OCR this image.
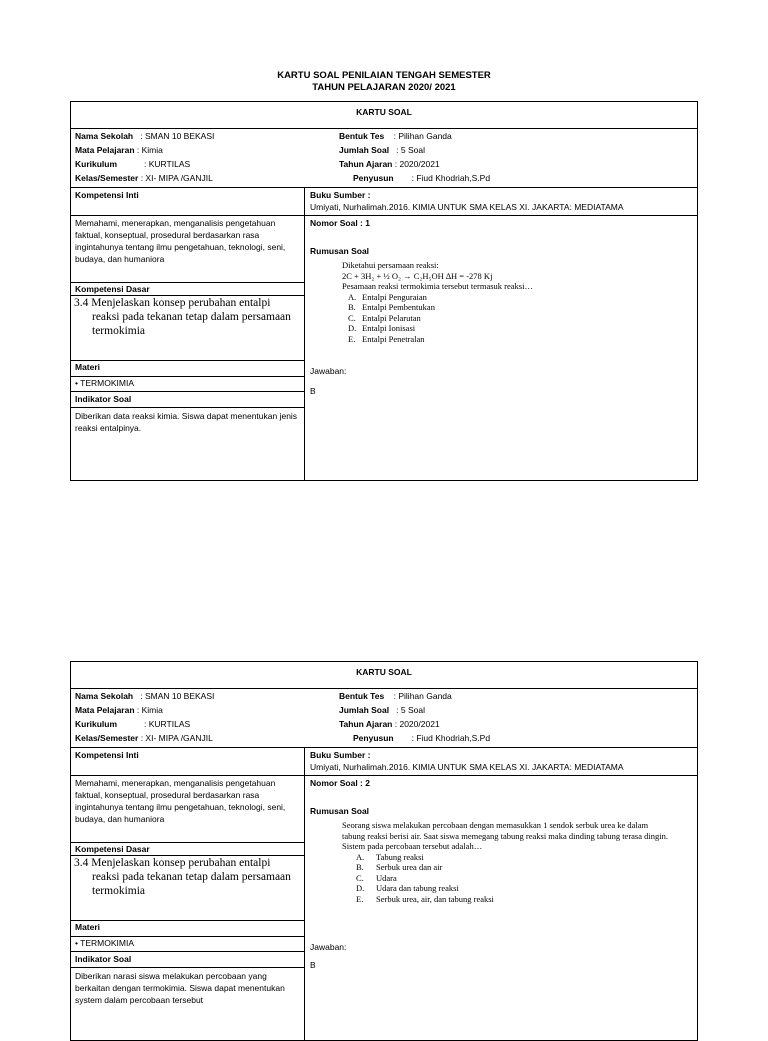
KARTU SOAL PENILAIAN TENGAH SEMESTER
TAHUN PELAJARAN 2020/ 2021
KARTU SOAL
Nama Sekolah : SMAN 10 BEKASI
Mata Pelajaran : Kimia
Kurikulum	: KURTILAS
Kelas/Semester : XI- MIPA /GANJIL
Bentuk Tes : Pilihan Ganda
Jumlah Soal : 5 Soal
Tahun Ajaran : 2020/2021
Penyusun : Fiud Khodriah,S.Pd
Kompetensi Inti
Memahami, menerapkan, menganalisis pengetahuan faktual, konseptual, prosedural berdasarkan rasa ingintahunya tentang ilmu pengetahuan, teknologi, seni, budaya, dan humaniora
Kompetensi Dasar
3.4 Menjelaskan konsep perubahan entalpi
reaksi pada tekanan tetap dalam persamaan
termokimia
Materi
• TERMOKIMIA
Indikator Soal
Diberikan data reaksi kimia. Siswa dapat menentukan jenis reaksi entalpinya.
Buku Sumber :
Umiyati, Nurhalimah.2016. KIMIA UNTUK SMA KELAS XI. JAKARTA: MEDIATAMA
Nomor Soal : 1
Rumusan Soal
Diketahui persamaan reaksi:
2C + 3H₂ + ½ O₂ → C₂H₅OH ∆H = -278 Kj
Pesamaan reaksi termokimia tersebut termasuk reaksi…
A. Entalpi Penguraian
B. Entalpi Pembentukan
C. Entalpi Pelarutan
D. Entalpi Ionisasi
E. Entalpi Penetralan
Jawaban:
B
KARTU SOAL
Nama Sekolah : SMAN 10 BEKASI
Mata Pelajaran : Kimia
Kurikulum	: KURTILAS
Kelas/Semester : XI- MIPA /GANJIL
Bentuk Tes : Pilihan Ganda
Jumlah Soal : 5 Soal
Tahun Ajaran : 2020/2021
Penyusun : Fiud Khodriah,S.Pd
Kompetensi Inti
Memahami, menerapkan, menganalisis pengetahuan faktual, konseptual, prosedural berdasarkan rasa ingintahunya tentang ilmu pengetahuan, teknologi, seni, budaya, dan humaniora
Kompetensi Dasar
3.4 Menjelaskan konsep perubahan entalpi
reaksi pada tekanan tetap dalam persamaan
termokimia
Materi
• TERMOKIMIA
Indikator Soal
Diberikan narasi siswa melakukan percobaan yang berkaitan dengan termokimia. Siswa dapat menentukan system dalam percobaan tersebut
Buku Sumber :
Umiyati, Nurhalimah.2016. KIMIA UNTUK SMA KELAS XI. JAKARTA: MEDIATAMA
Nomor Soal : 2
Rumusan Soal
Seorang siswa melakukan percobaan dengan memasukkan 1 sendok serbuk urea ke dalam
tabung reaksi berisi air. Saat siswa memegang tabung reaksi maka dinding tabung terasa dingin.
Sistem pada percobaan tersebut adalah…
A. Tabung reaksi
B. Serbuk urea dan air
C. Udara
D. Udara dan tabung reaksi
E. Serbuk urea, air, dan tabung reaksi
Jawaban:
B
